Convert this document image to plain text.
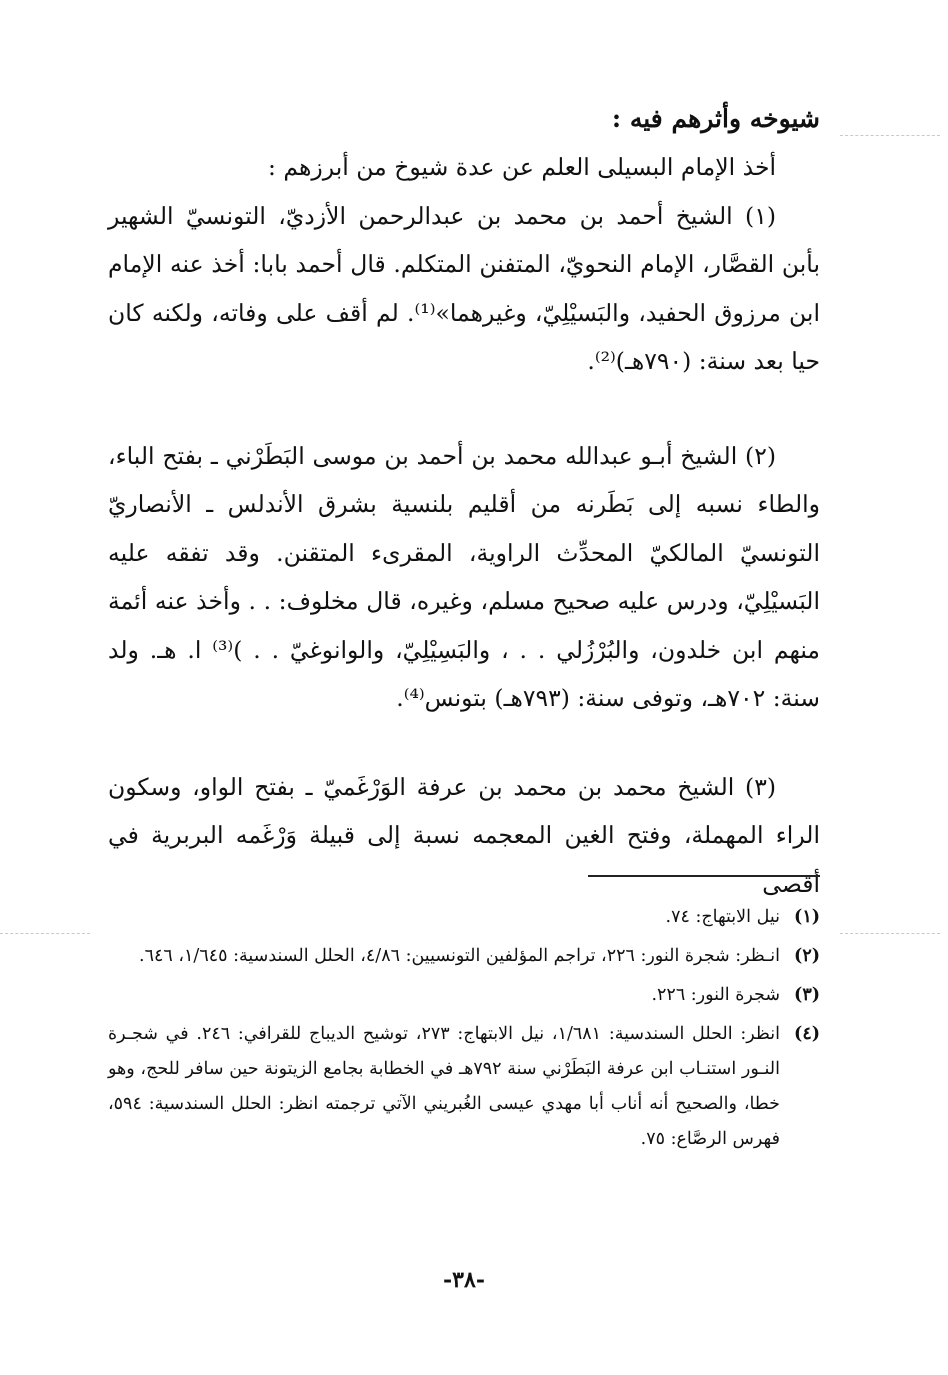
شيوخه وأثرهم فيه :

أخذ الإمام البسيلى العلم عن عدة شيوخ من أبرزهم :

(١) الشيخ أحمد بن محمد بن عبدالرحمن الأزديّ، التونسيّ الشهير بأبن القصَّار، الإمام النحويّ، المتفنن المتكلم. قال أحمد بابا: أخذ عنه الإمام ابن مرزوق الحفيد، والبَسيْلِيّ، وغيرهما»⁽¹⁾. لم أقف على وفاته، ولكنه كان حيا بعد سنة: (٧٩٠هـ)⁽²⁾.

(٢) الشيخ أبـو عبدالله محمد بن أحمد بن موسى البَطَرْني ـ بفتح الباء، والطاء نسبه إلى بَطَرنه من أقليم بلنسية بشرق الأندلس ـ الأنصاريّ التونسيّ المالكيّ المحدِّث الراوية، المقرىء المتقنن. وقد تفقه عليه البَسيْلِيّ، ودرس عليه صحيح مسلم، وغيره، قال مخلوف: . . وأخذ عنه أئمة منهم ابن خلدون، والبُرْزُلي . . ، والبَسِيْلِيّ، والوانوغيّ . . )⁽³⁾ ا. هـ. ولد سنة: ٧٠٢هـ، وتوفى سنة: (٧٩٣هـ) بتونس⁽⁴⁾.

(٣) الشيخ محمد بن محمد بن عرفة الوَرْغَميّ ـ بفتح الواو، وسكون الراء المهملة، وفتح الغين المعجمه نسبة إلى قبيلة وَرْغَمه البربرية في أقصى

(١)
نيل الابتهاج: ٧٤.
(٢)
انـظر: شجرة النور: ٢٢٦، تراجم المؤلفين التونسيين: ٤/٨٦، الحلل السندسية: ١/٦٤٥، ٦٤٦.
(٣)
شجرة النور: ٢٢٦.
(٤)
انظر: الحلل السندسية: ١/٦٨١، نيل الابتهاج: ٢٧٣، توشيح الديباج للقرافي: ٢٤٦. في شجـرة النـور استنـاب ابن عرفة البَطَرْني سنة ٧٩٢هـ في الخطابة بجامع الزيتونة حين سافر للحج، وهو خطا، والصحيح أنه أناب أبا مهدي عيسى الغُبريني الآتي ترجمته انظر: الحلل السندسية: ٥٩٤، فهرس الرصَّاع: ٧٥.
-٣٨-
